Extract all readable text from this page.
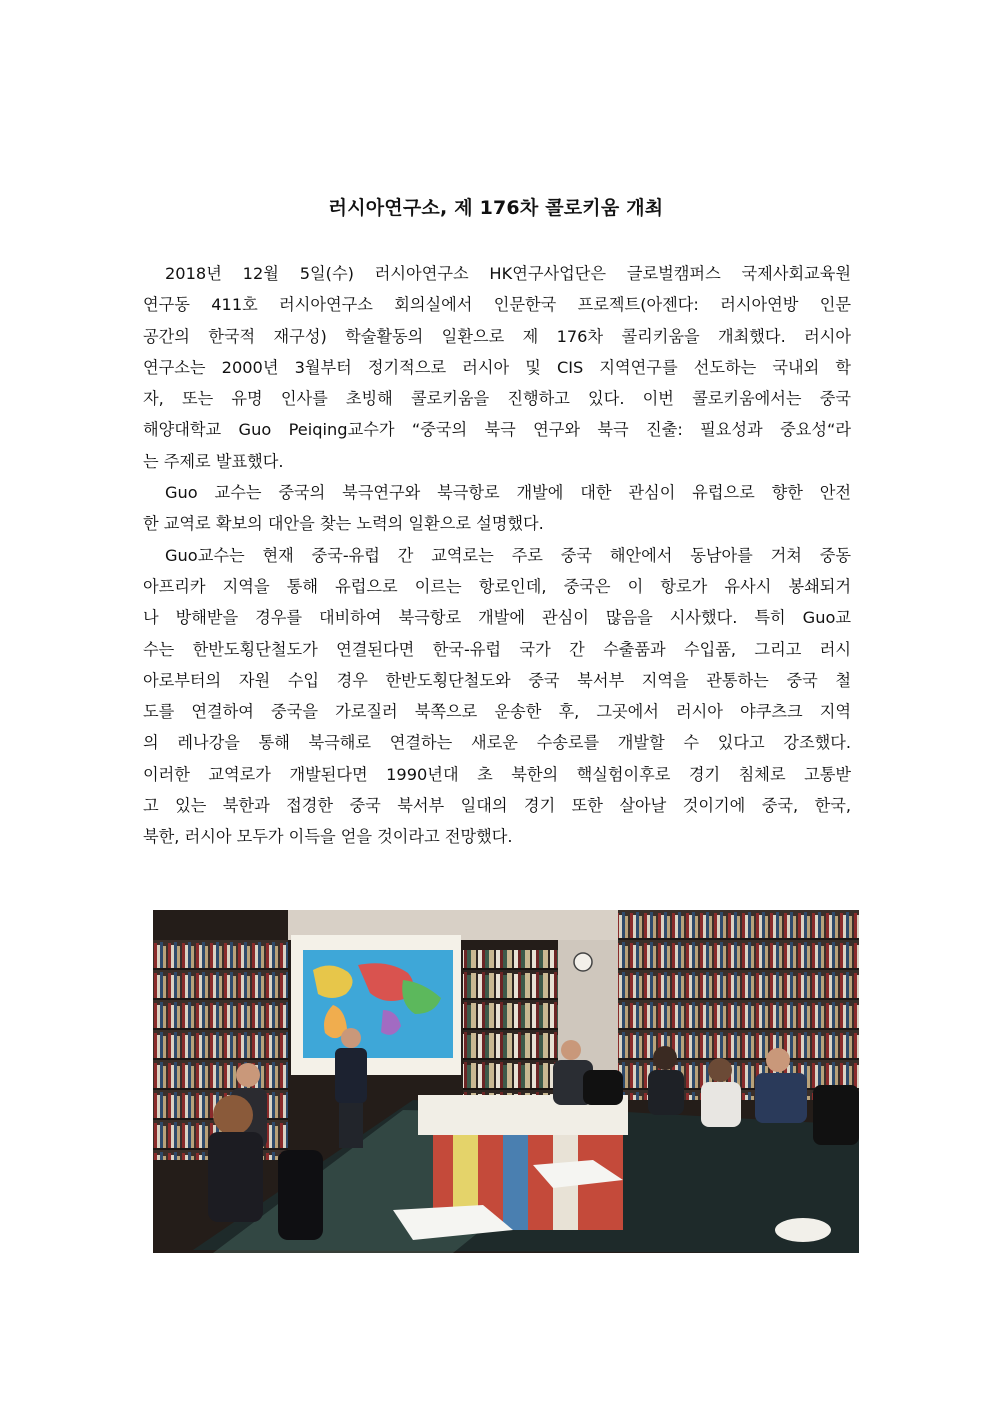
러시아연구소, 제 176차 콜로키움 개최
2018년 12월 5일(수) 러시아연구소 HK연구사업단은 글로벌캠퍼스 국제사회교육원
연구동 411호 러시아연구소 회의실에서 인문한국 프로젝트(아젠다: 러시아연방 인문
공간의 한국적 재구성) 학술활동의 일환으로 제 176차 콜리키움을 개최했다. 러시아
연구소는 2000년 3월부터 정기적으로 러시아 및 CIS 지역연구를 선도하는 국내외 학
자, 또는 유명 인사를 초빙해 콜로키움을 진행하고 있다. 이번 콜로키움에서는 중국
해양대학교 Guo Peiqing교수가 “중국의 북극 연구와 북극 진출: 필요성과 중요성“라
는 주제로 발표했다.
Guo 교수는 중국의 북극연구와 북극항로 개발에 대한 관심이 유럽으로 향한 안전
한 교역로 확보의 대안을 찾는 노력의 일환으로 설명했다.
Guo교수는 현재 중국-유럽 간 교역로는 주로 중국 해안에서 동남아를 거쳐 중동
아프리카 지역을 통해 유럽으로 이르는 항로인데, 중국은 이 항로가 유사시 봉쇄되거
나 방해받을 경우를 대비하여 북극항로 개발에 관심이 많음을 시사했다. 특히 Guo교
수는 한반도횡단철도가 연결된다면 한국-유럽 국가 간 수출품과 수입품, 그리고 러시
아로부터의 자원 수입 경우 한반도횡단철도와 중국 북서부 지역을 관통하는 중국 철
도를 연결하여 중국을 가로질러 북쪽으로 운송한 후, 그곳에서 러시아 야쿠츠크 지역
의 레나강을 통해 북극해로 연결하는 새로운 수송로를 개발할 수 있다고 강조했다.
이러한 교역로가 개발된다면 1990년대 초 북한의 핵실험이후로 경기 침체로 고통받
고 있는 북한과 접경한 중국 북서부 일대의 경기 또한 살아날 것이기에 중국, 한국,
북한, 러시아 모두가 이득을 얻을 것이라고 전망했다.
